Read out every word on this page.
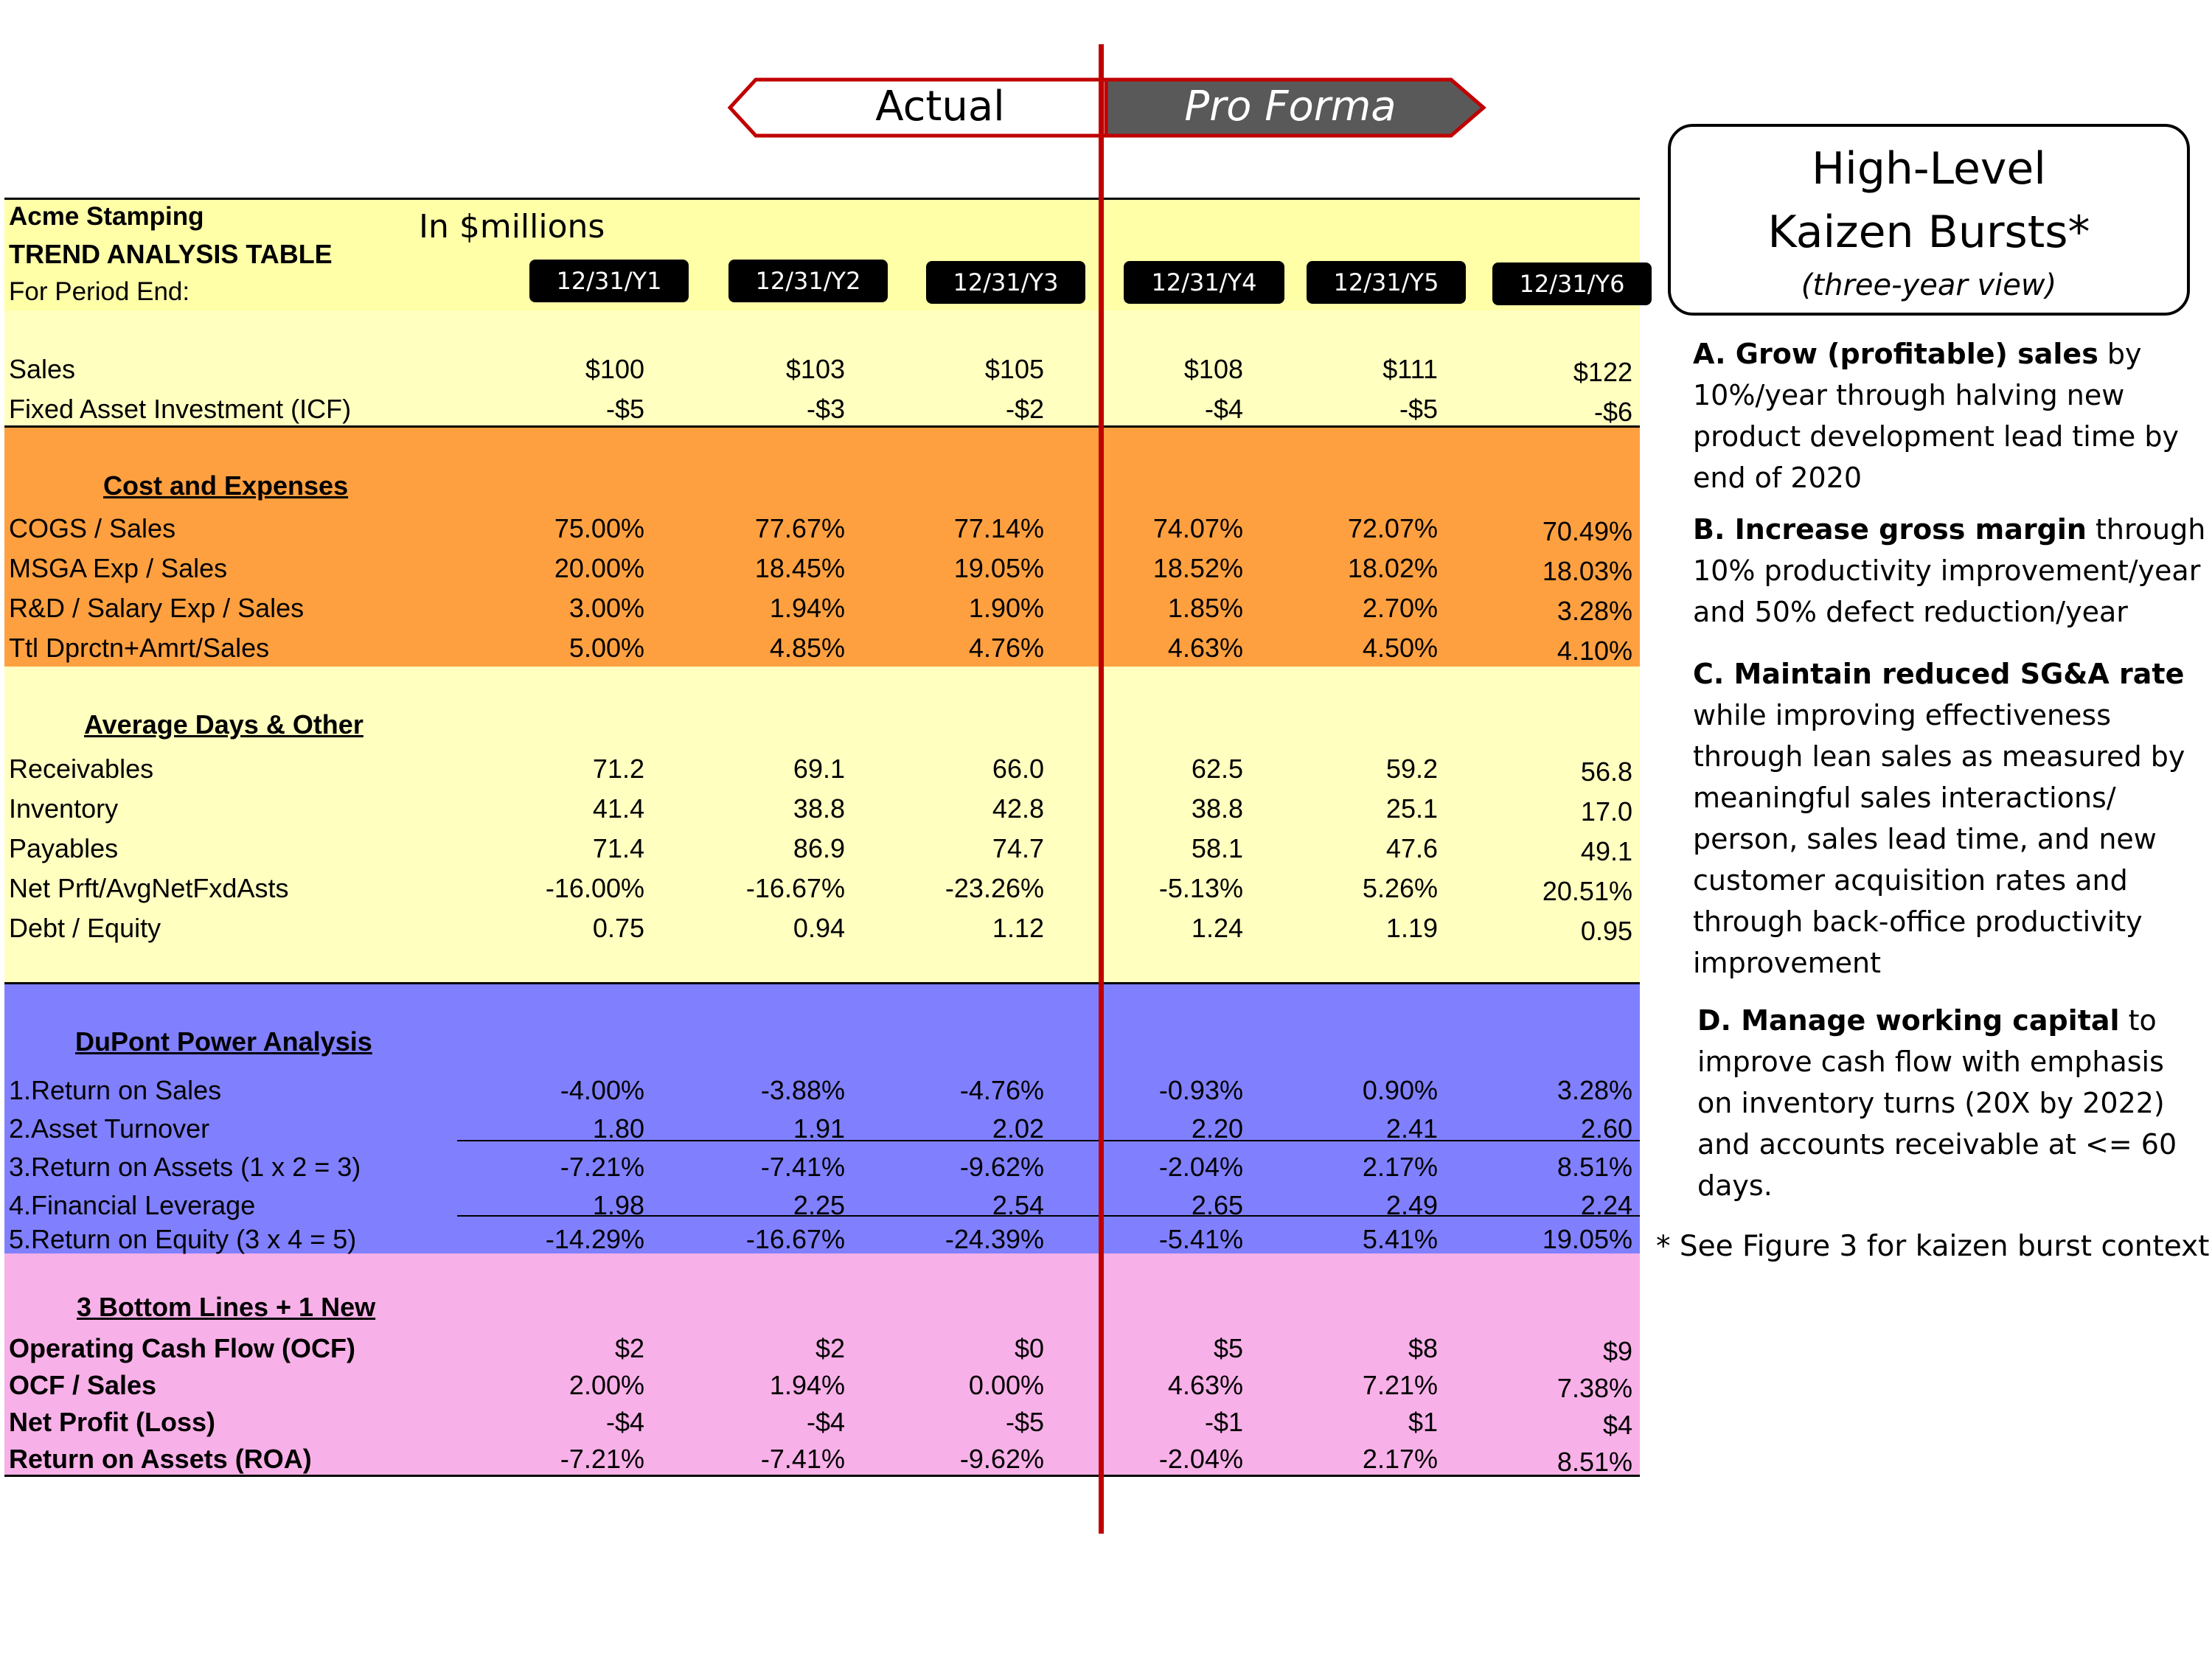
Actual	Pro Forma
Acme Stamping
TREND ANALYSIS TABLE
For Period End:
In $millions
12/31/Y1	12/31/Y2	12/31/Y3	12/31/Y4	12/31/Y5	12/31/Y6
Cost and Expenses
Average Days & Other
DuPont Power Analysis
3 Bottom Lines + 1 New
Sales	$100	$103	$105	$108	$111	$122
Fixed Asset Investment (ICF)	-$5	-$3	-$2	-$4	-$5	-$6
COGS / Sales	75.00%	77.67%	77.14%	74.07%	72.07%	70.49%
MSGA Exp / Sales	20.00%	18.45%	19.05%	18.52%	18.02%	18.03%
R&D / Salary Exp / Sales	3.00%	1.94%	1.90%	1.85%	2.70%	3.28%
Ttl Dprctn+Amrt/Sales	5.00%	4.85%	4.76%	4.63%	4.50%	4.10%
Receivables	71.2	69.1	66.0	62.5	59.2	56.8
Inventory	41.4	38.8	42.8	38.8	25.1	17.0
Payables	71.4	86.9	74.7	58.1	47.6	49.1
Net Prft/AvgNetFxdAsts	-16.00%	-16.67%	-23.26%	-5.13%	5.26%	20.51%
Debt / Equity	0.75	0.94	1.12	1.24	1.19	0.95
1.Return on Sales	-4.00%	-3.88%	-4.76%	-0.93%	0.90%	3.28%
2.Asset Turnover	1.80	1.91	2.02	2.20	2.41	2.60
3.Return on Assets (1 x 2 = 3)	-7.21%	-7.41%	-9.62%	-2.04%	2.17%	8.51%
4.Financial Leverage	1.98	2.25	2.54	2.65	2.49	2.24
5.Return on Equity (3 x 4 = 5)	-14.29%	-16.67%	-24.39%	-5.41%	5.41%	19.05%
Operating Cash Flow (OCF)	$2	$2	$0	$5	$8	$9
OCF / Sales	2.00%	1.94%	0.00%	4.63%	7.21%	7.38%
Net Profit (Loss)	-$4	-$4	-$5	-$1	$1	$4
Return on Assets (ROA)	-7.21%	-7.41%	-9.62%	-2.04%	2.17%	8.51%
High-Level
Kaizen Bursts*
(three-year view)
A. Grow (profitable) sales by 10%/year through halving new product development lead time by end of 2020
B. Increase gross margin through 10% productivity improvement/year and 50% defect reduction/year
C. Maintain reduced SG&A rate while improving effectiveness through lean sales as measured by meaningful sales interactions/ person, sales lead time, and new customer acquisition rates and through back-office productivity improvement
D. Manage working capital to improve cash flow with emphasis on inventory turns (20X by 2022) and accounts receivable at <= 60 days.
* See Figure 3 for kaizen burst context
